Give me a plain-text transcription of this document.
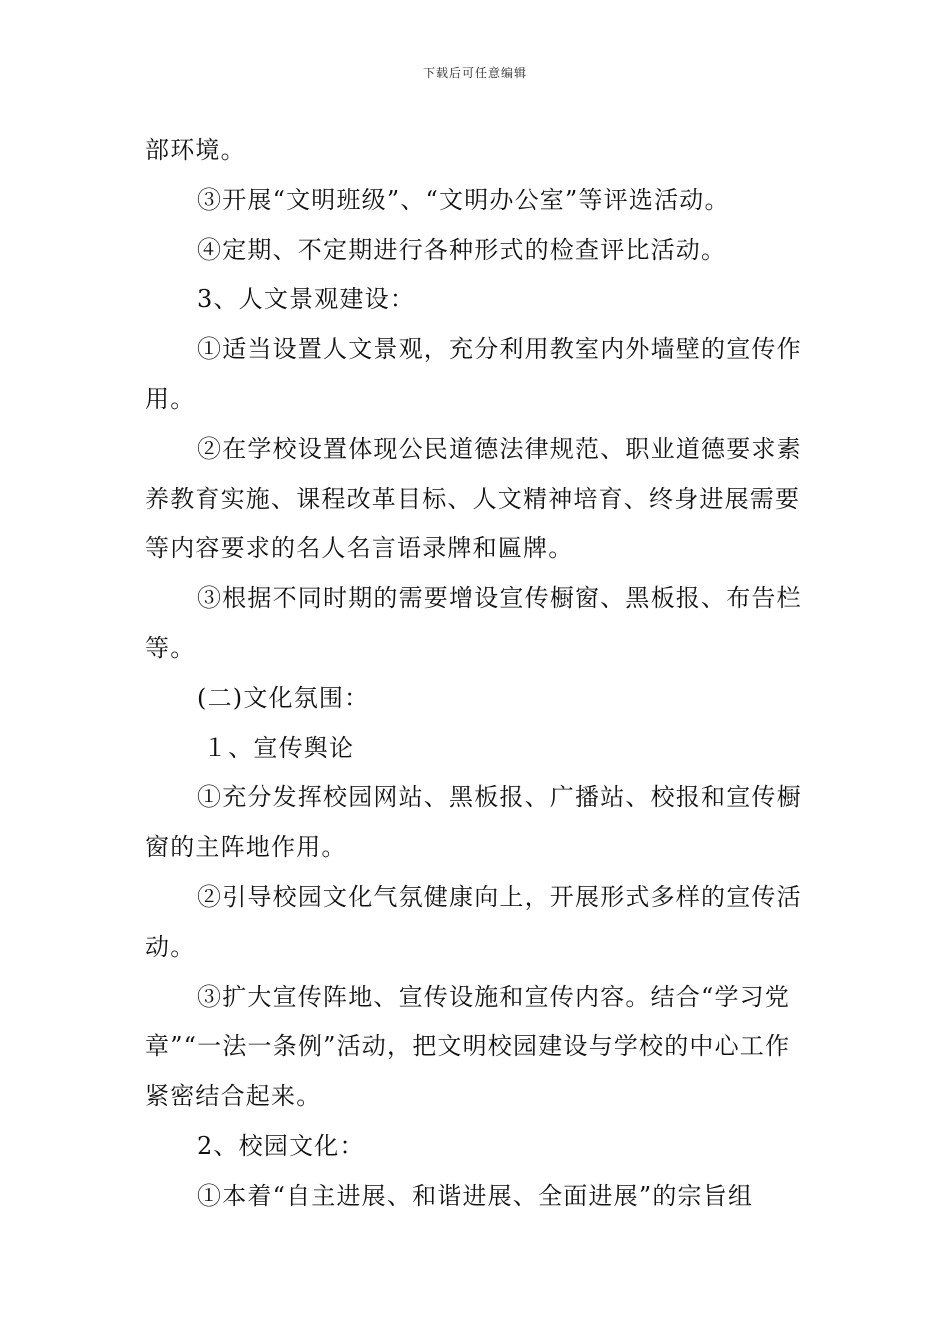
下载后可任意编辑

部环境。

③开展“文明班级”、“文明办公室”等评选活动。

④定期、不定期进行各种形式的检查评比活动。

3、人文景观建设：

①适当设置人文景观，充分利用教室内外墙壁的宣传作用。

②在学校设置体现公民道德法律规范、职业道德要求素养教育实施、课程改革目标、人文精神培育、终身进展需要等内容要求的名人名言语录牌和匾牌。

③根据不同时期的需要增设宣传橱窗、黑板报、布告栏等。

(二)文化氛围：

１、宣传舆论

①充分发挥校园网站、黑板报、广播站、校报和宣传橱窗的主阵地作用。

②引导校园文化气氛健康向上，开展形式多样的宣传活动。

③扩大宣传阵地、宣传设施和宣传内容。结合“学习党章”“一法一条例”活动，把文明校园建设与学校的中心工作紧密结合起来。

2、校园文化：

①本着“自主进展、和谐进展、全面进展”的宗旨组
